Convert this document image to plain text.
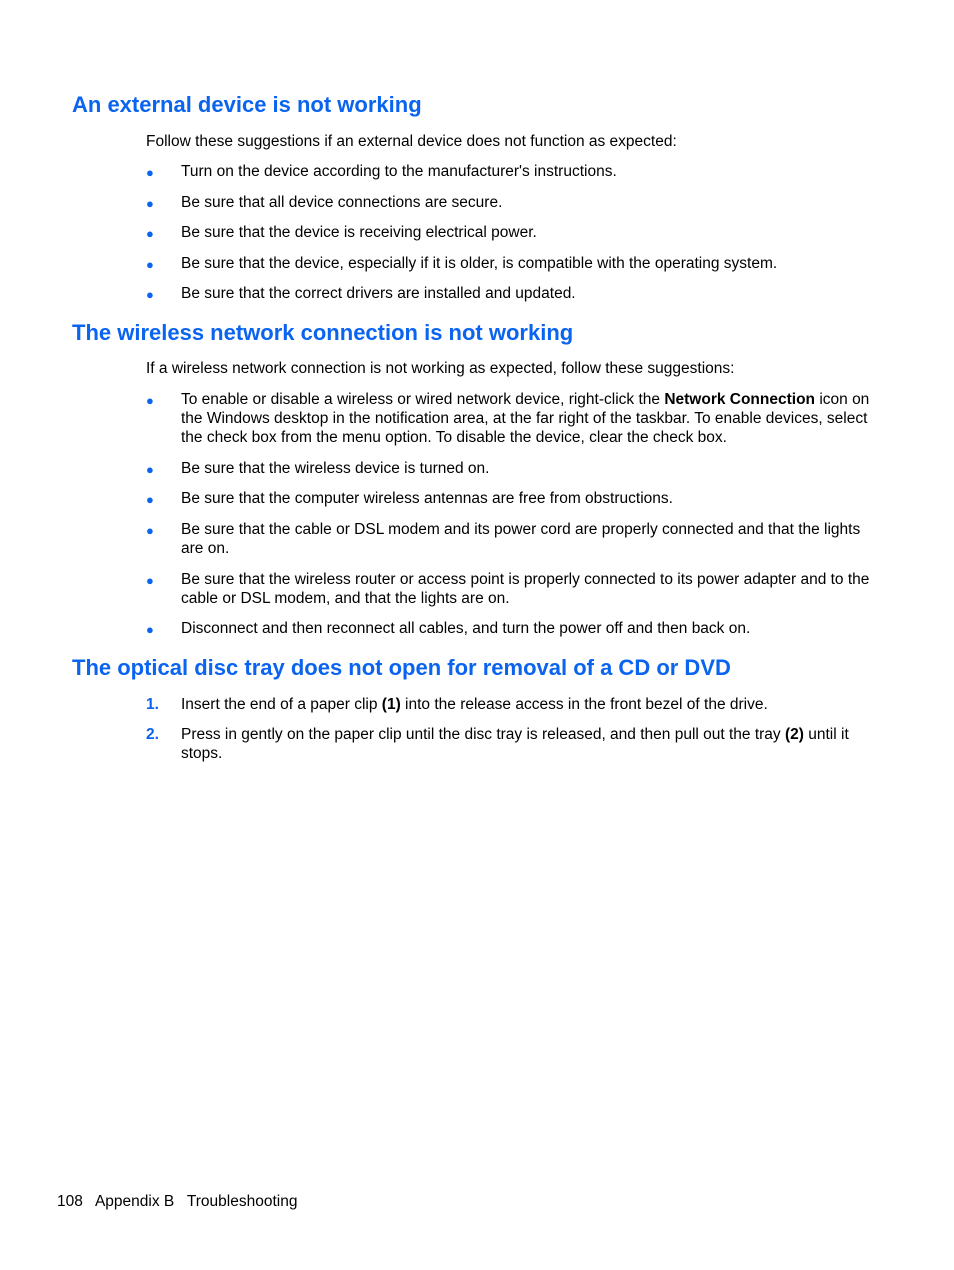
An external device is not working

Follow these suggestions if an external device does not function as expected:

● Turn on the device according to the manufacturer's instructions.
● Be sure that all device connections are secure.
● Be sure that the device is receiving electrical power.
● Be sure that the device, especially if it is older, is compatible with the operating system.
● Be sure that the correct drivers are installed and updated.
The wireless network connection is not working

If a wireless network connection is not working as expected, follow these suggestions:

● To enable or disable a wireless or wired network device, right-click the Network Connection icon on the Windows desktop in the notification area, at the far right of the taskbar. To enable devices, select the check box from the menu option. To disable the device, clear the check box.
● Be sure that the wireless device is turned on.
● Be sure that the computer wireless antennas are free from obstructions.
● Be sure that the cable or DSL modem and its power cord are properly connected and that the lights are on.
● Be sure that the wireless router or access point is properly connected to its power adapter and to the cable or DSL modem, and that the lights are on.
● Disconnect and then reconnect all cables, and turn the power off and then back on.
The optical disc tray does not open for removal of a CD or DVD
1. Insert the end of a paper clip (1) into the release access in the front bezel of the drive.
2. Press in gently on the paper clip until the disc tray is released, and then pull out the tray (2) until it stops.
108 Appendix B Troubleshooting
